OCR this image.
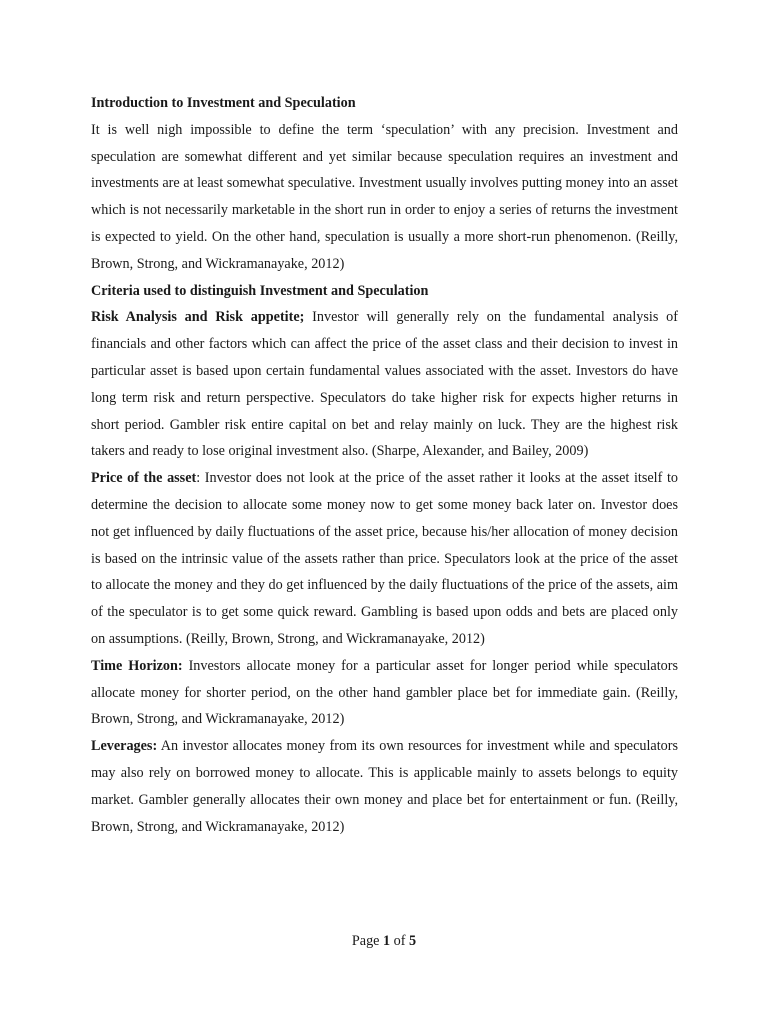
Introduction to Investment and Speculation

It is well nigh impossible to define the term ‘speculation’ with any precision. Investment and speculation are somewhat different and yet similar because speculation requires an investment and investments are at least somewhat speculative. Investment usually involves putting money into an asset which is not necessarily marketable in the short run in order to enjoy a series of returns the investment is expected to yield. On the other hand, speculation is usually a more short-run phenomenon. (Reilly, Brown, Strong, and Wickramanayake, 2012)

Criteria used to distinguish Investment and Speculation

Risk Analysis and Risk appetite; Investor will generally rely on the fundamental analysis of financials and other factors which can affect the price of the asset class and their decision to invest in particular asset is based upon certain fundamental values associated with the asset. Investors do have long term risk and return perspective. Speculators do take higher risk for expects higher returns in short period. Gambler risk entire capital on bet and relay mainly on luck. They are the highest risk takers and ready to lose original investment also. (Sharpe, Alexander, and Bailey, 2009)

Price of the asset: Investor does not look at the price of the asset rather it looks at the asset itself to determine the decision to allocate some money now to get some money back later on. Investor does not get influenced by daily fluctuations of the asset price, because his/her allocation of money decision is based on the intrinsic value of the assets rather than price. Speculators look at the price of the asset to allocate the money and they do get influenced by the daily fluctuations of the price of the assets, aim of the speculator is to get some quick reward. Gambling is based upon odds and bets are placed only on assumptions. (Reilly, Brown, Strong, and Wickramanayake, 2012)

Time Horizon: Investors allocate money for a particular asset for longer period while speculators allocate money for shorter period, on the other hand gambler place bet for immediate gain. (Reilly, Brown, Strong, and Wickramanayake, 2012)

Leverages: An investor allocates money from its own resources for investment while and speculators may also rely on borrowed money to allocate. This is applicable mainly to assets belongs to equity market. Gambler generally allocates their own money and place bet for entertainment or fun. (Reilly, Brown, Strong, and Wickramanayake, 2012)

Page 1 of 5
